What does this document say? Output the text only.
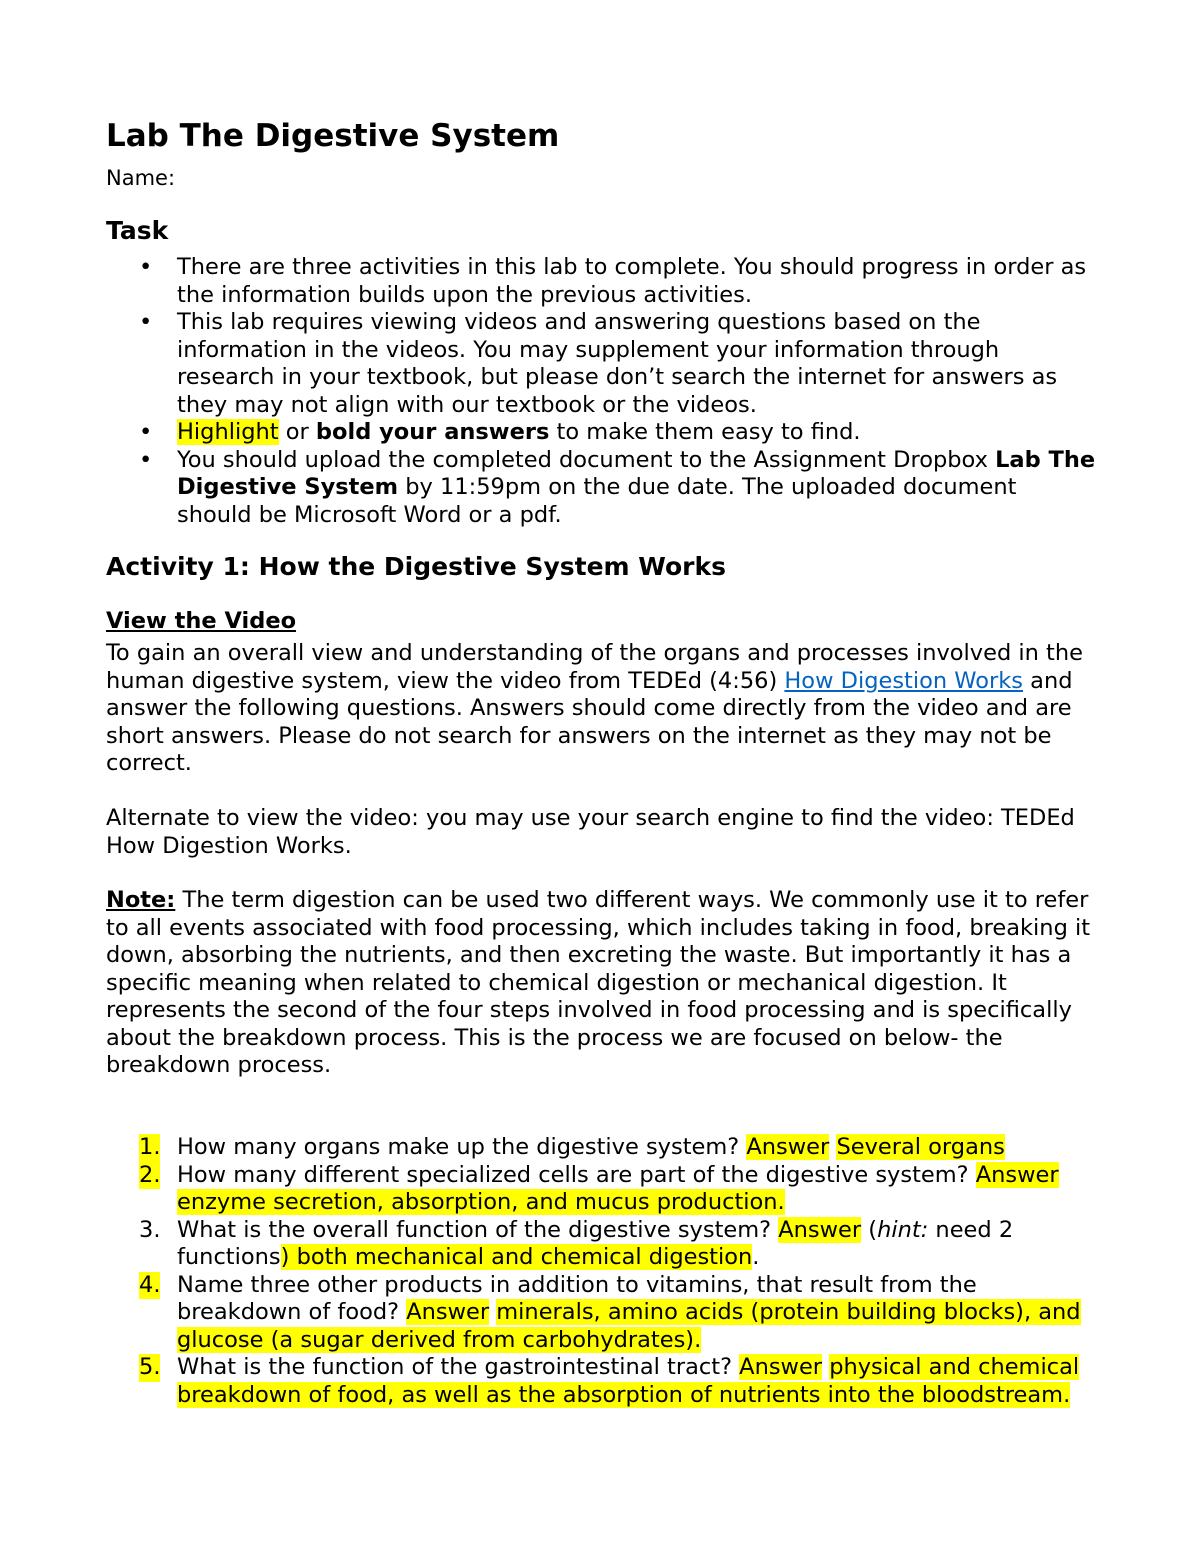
Lab The Digestive System
Name:
Task
• There are three activities in this lab to complete. You should progress in order as the information builds upon the previous activities.
• This lab requires viewing videos and answering questions based on the information in the videos. You may supplement your information through research in your textbook, but please don’t search the internet for answers as they may not align with our textbook or the videos.
• Highlight or bold your answers to make them easy to find.
• You should upload the completed document to the Assignment Dropbox Lab The Digestive System by 11:59pm on the due date. The uploaded document should be Microsoft Word or a pdf.
Activity 1: How the Digestive System Works
View the Video

To gain an overall view and understanding of the organs and processes involved in the human digestive system, view the video from TEDEd (4:56) How Digestion Works and answer the following questions. Answers should come directly from the video and are short answers. Please do not search for answers on the internet as they may not be correct.

Alternate to view the video: you may use your search engine to find the video: TEDEd How Digestion Works.

Note: The term digestion can be used two different ways. We commonly use it to refer to all events associated with food processing, which includes taking in food, breaking it down, absorbing the nutrients, and then excreting the waste. But importantly it has a specific meaning when related to chemical digestion or mechanical digestion. It represents the second of the four steps involved in food processing and is specifically about the breakdown process. This is the process we are focused on below- the breakdown process.

1. How many organs make up the digestive system? Answer Several organs
2. How many different specialized cells are part of the digestive system? Answer enzyme secretion, absorption, and mucus production.
3. What is the overall function of the digestive system? Answer (hint: need 2 functions) both mechanical and chemical digestion.
4. Name three other products in addition to vitamins, that result from the breakdown of food? Answer minerals, amino acids (protein building blocks), and glucose (a sugar derived from carbohydrates).
5. What is the function of the gastrointestinal tract? Answer physical and chemical breakdown of food, as well as the absorption of nutrients into the bloodstream.
